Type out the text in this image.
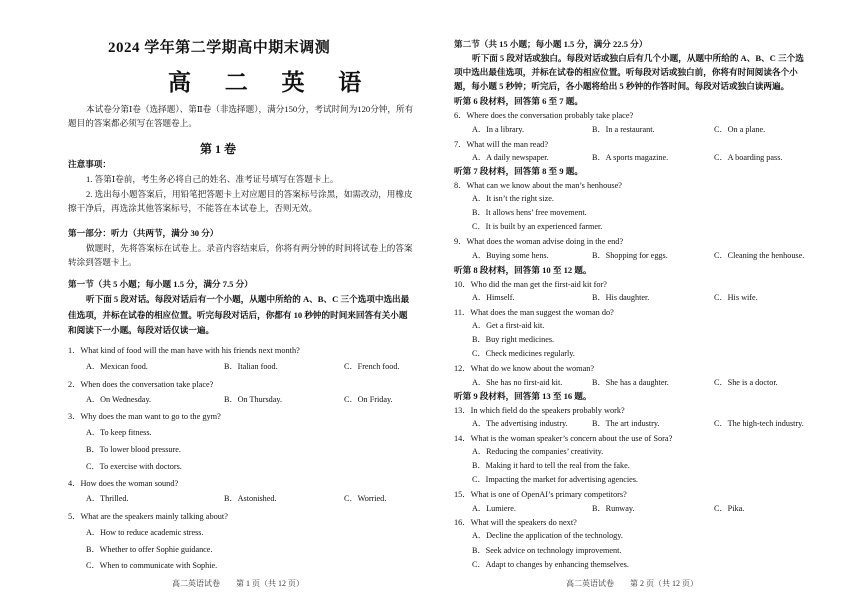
2024 学年第二学期高中期末调测
高 二 英 语
本试卷分第Ⅰ卷（选择题）、第Ⅱ卷（非选择题），满分150分，考试时间为120分钟，所有题目的答案都必须写在答题卷上。
第 1 卷
注意事项：
1. 答第Ⅰ卷前，考生务必将自己的姓名、准考证号填写在答题卡上。
2. 选出每小题答案后，用铅笔把答题卡上对应题目的答案标号涂黑，如需改动，用橡皮擦干净后，再选涂其他答案标号，不能答在本试卷上，否则无效。
第一部分：听力（共两节，满分 30 分）
做题时，先将答案标在试卷上。录音内容结束后，你将有两分钟的时间将试卷上的答案转涂到答题卡上。
第一节（共 5 小题；每小题 1.5 分，满分 7.5 分）
听下面 5 段对话。每段对话后有一个小题，从题中所给的 A、B、C 三个选项中选出最佳选项，并标在试卷的相应位置。听完每段对话后，你都有 10 秒钟的时间来回答有关小题和阅读下一小题。每段对话仅读一遍。
1．What kind of food will the man have with his friends next month?
A．Mexican food.	B．Italian food.	C．French food.
2．When does the conversation take place?
A．On Wednesday.	B．On Thursday.	C．On Friday.
3．Why does the man want to go to the gym?
A．To keep fitness.
B．To lower blood pressure.
C．To exercise with doctors.
4．How does the woman sound?
A．Thrilled.	B．Astonished.	C．Worried.
5．What are the speakers mainly talking about?
A．How to reduce academic stress.
B．Whether to offer Sophie guidance.
C．When to communicate with Sophie.
高二英语试卷　　第 1 页（共 12 页）
第二节（共 15 小题；每小题 1.5 分，满分 22.5 分）
听下面 5 段对话或独白。每段对话或独白后有几个小题，从题中所给的 A、B、C 三个选项中选出最佳选项，并标在试卷的相应位置。听每段对话或独白前，你将有时间阅读各个小题，每小题 5 秒钟；听完后，各小题将给出 5 秒钟的作答时间。每段对话或独白读两遍。
听第 6 段材料，回答第 6 至 7 题。
6．Where does the conversation probably take place?
A．In a library.	B．In a restaurant.	C．On a plane.
7．What will the man read?
A．A daily newspaper.	B．A sports magazine.	C．A boarding pass.
听第 7 段材料，回答第 8 至 9 题。
8．What can we know about the man’s henhouse?
A．It isn’t the right size.
B．It allows hens’ free movement.
C．It is built by an experienced farmer.
9．What does the woman advise doing in the end?
A．Buying some hens.	B．Shopping for eggs.	C．Cleaning the henhouse.
听第 8 段材料，回答第 10 至 12 题。
10．Who did the man get the first-aid kit for?
A．Himself.	B．His daughter.	C．His wife.
11．What does the man suggest the woman do?
A．Get a first-aid kit.
B．Buy right medicines.
C．Check medicines regularly.
12．What do we know about the woman?
A．She has no first-aid kit.	B．She has a daughter.	C．She is a doctor.
听第 9 段材料，回答第 13 至 16 题。
13．In which field do the speakers probably work?
A．The advertising industry.	B．The art industry.	C．The high-tech industry.
14．What is the woman speaker’s concern about the use of Sora?
A．Reducing the companies’ creativity.
B．Making it hard to tell the real from the fake.
C．Impacting the market for advertising agencies.
15．What is one of OpenAI’s primary competitors?
A．Lumiere.	B．Runway.	C．Pika.
16．What will the speakers do next?
A．Decline the application of the technology.
B．Seek advice on technology improvement.
C．Adapt to changes by enhancing themselves.
高二英语试卷　　第 2 页（共 12 页）
